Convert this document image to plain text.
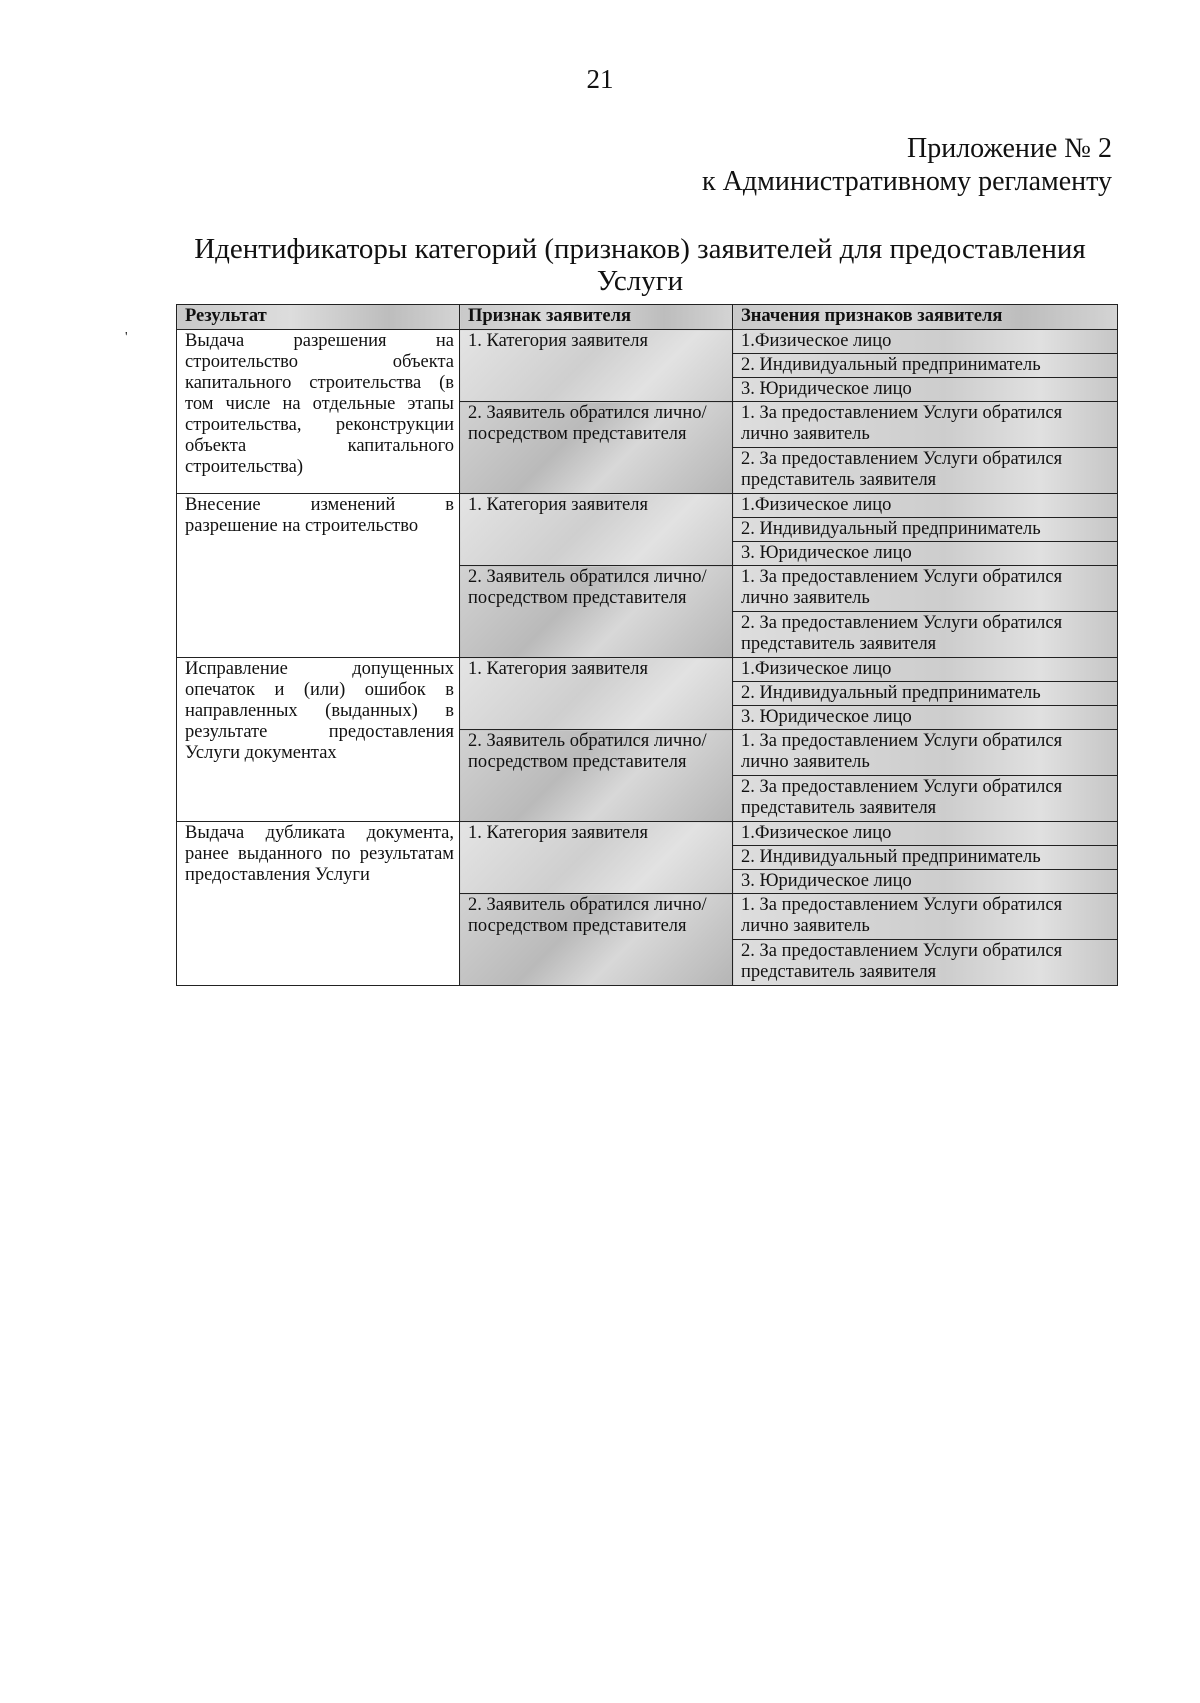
21
Приложение № 2
к Административному регламенту
Идентификаторы категорий (признаков) заявителей для предоставления
Услуги
'
Результат	Признак заявителя	Значения признаков заявителя
Выдача разрешения на строительство объекта капитального строительства (в том числе на отдельные этапы строительства, реконструкции объекта капитального строительства)	1. Категория заявителя	1.Физическое лицо
		2. Индивидуальный предприниматель
		3. Юридическое лицо
	2. Заявитель обратился лично/посредством представителя	1. За предоставлением Услуги обратился лично заявитель
		2. За предоставлением Услуги обратился представитель заявителя
Внесение изменений в разрешение на строительство	1. Категория заявителя	1.Физическое лицо
		2. Индивидуальный предприниматель
		3. Юридическое лицо
	2. Заявитель обратился лично/посредством представителя	1. За предоставлением Услуги обратился лично заявитель
		2. За предоставлением Услуги обратился представитель заявителя
Исправление допущенных опечаток и (или) ошибок в направленных (выданных) в результате предоставления Услуги документах	1. Категория заявителя	1.Физическое лицо
		2. Индивидуальный предприниматель
		3. Юридическое лицо
	2. Заявитель обратился лично/посредством представителя	1. За предоставлением Услуги обратился лично заявитель
		2. За предоставлением Услуги обратился представитель заявителя
Выдача дубликата документа, ранее выданного по результатам предоставления Услуги	1. Категория заявителя	1.Физическое лицо
		2. Индивидуальный предприниматель
		3. Юридическое лицо
	2. Заявитель обратился лично/посредством представителя	1. За предоставлением Услуги обратился лично заявитель
		2. За предоставлением Услуги обратился представитель заявителя
